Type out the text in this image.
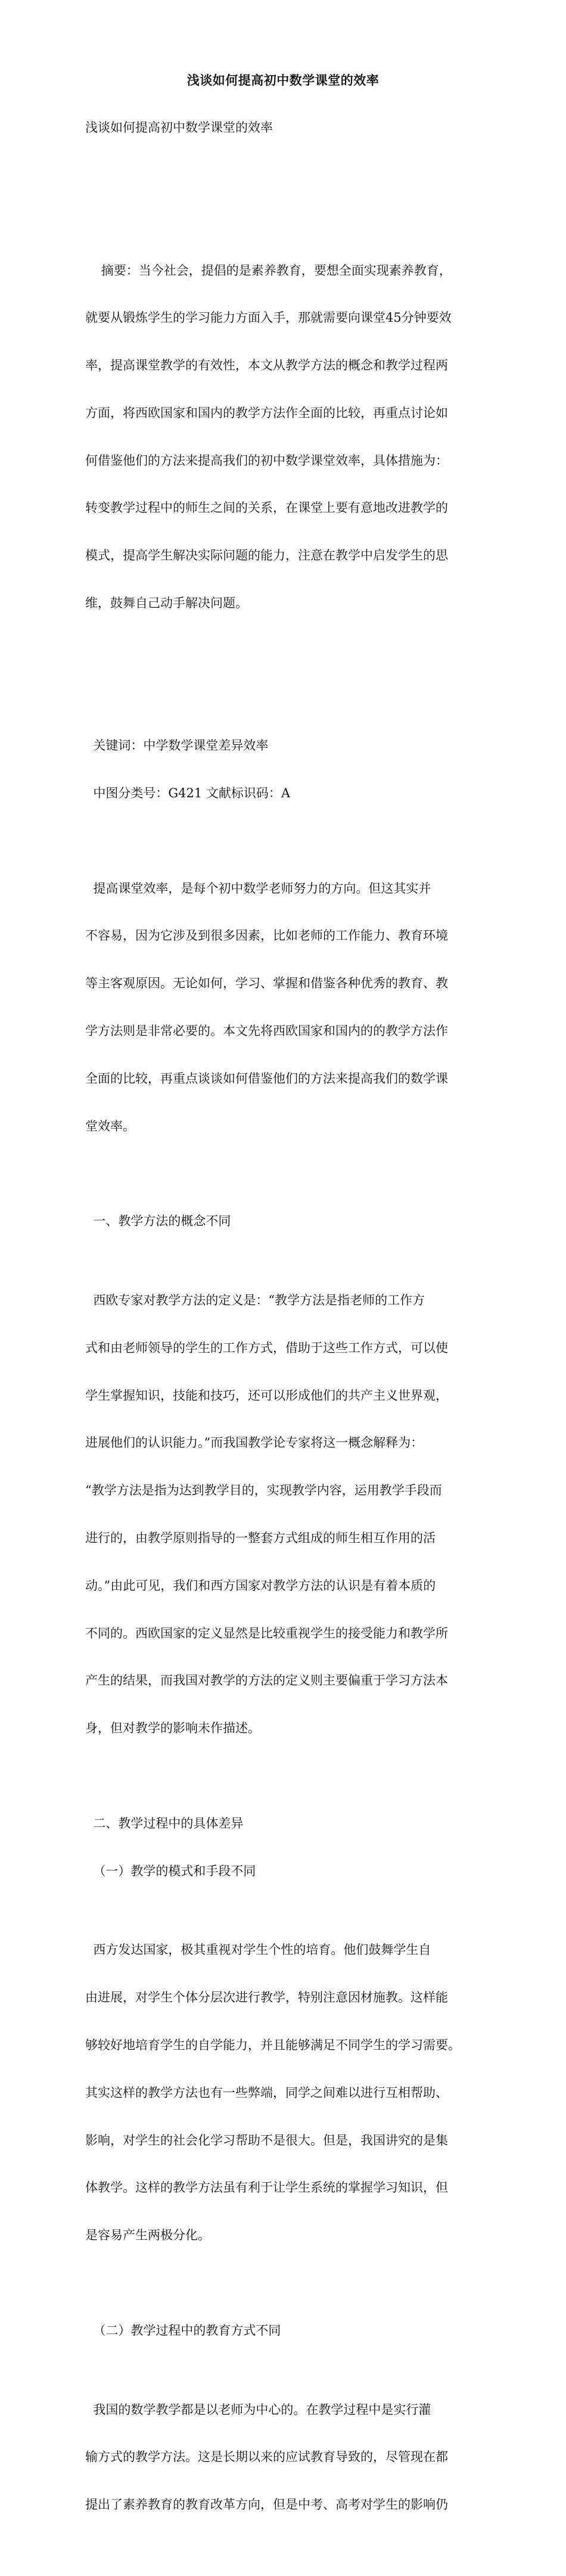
浅谈如何提高初中数学课堂的效率

浅谈如何提高初中数学课堂的效率

摘要：当今社会，提倡的是素养教育，要想全面实现素养教育，

就要从锻炼学生的学习能力方面入手，那就需要向课堂45分钟要效

率，提高课堂教学的有效性，本文从教学方法的概念和教学过程两

方面，将西欧国家和国内的教学方法作全面的比较，再重点讨论如

何借鉴他们的方法来提高我们的初中数学课堂效率，具体措施为：

转变教学过程中的师生之间的关系，在课堂上要有意地改进教学的

模式，提高学生解决实际问题的能力，注意在教学中启发学生的思

维，鼓舞自己动手解决问题。

关键词：中学数学课堂差异效率

中图分类号：G421 文献标识码：A

提高课堂效率，是每个初中数学老师努力的方向。但这其实并

不容易，因为它涉及到很多因素，比如老师的工作能力、教育环境

等主客观原因。无论如何，学习、掌握和借鉴各种优秀的教育、教

学方法则是非常必要的。本文先将西欧国家和国内的的教学方法作

全面的比较，再重点谈谈如何借鉴他们的方法来提高我们的数学课

堂效率。

一、教学方法的概念不同

西欧专家对教学方法的定义是：“教学方法是指老师的工作方

式和由老师领导的学生的工作方式，借助于这些工作方式，可以使

学生掌握知识，技能和技巧，还可以形成他们的共产主义世界观，

进展他们的认识能力。”而我国教学论专家将这一概念解释为：

“教学方法是指为达到教学目的，实现教学内容，运用教学手段而

进行的，由教学原则指导的一整套方式组成的师生相互作用的活

动。”由此可见，我们和西方国家对教学方法的认识是有着本质的

不同的。西欧国家的定义显然是比较重视学生的接受能力和教学所

产生的结果，而我国对教学的方法的定义则主要偏重于学习方法本

身，但对教学的影响未作描述。

二、教学过程中的具体差异

（一）教学的模式和手段不同

西方发达国家，极其重视对学生个性的培育。他们鼓舞学生自

由进展，对学生个体分层次进行教学，特别注意因材施教。这样能

够较好地培育学生的自学能力，并且能够满足不同学生的学习需要。

其实这样的教学方法也有一些弊端，同学之间难以进行互相帮助、

影响，对学生的社会化学习帮助不是很大。但是，我国讲究的是集

体教学。这样的教学方法虽有利于让学生系统的掌握学习知识，但

是容易产生两极分化。

（二）教学过程中的教育方式不同

我国的数学教学都是以老师为中心的。在教学过程中是实行灌

输方式的教学方法。这是长期以来的应试教育导致的，尽管现在都

提出了素养教育的教育改革方向，但是中考、高考对学生的影响仍
